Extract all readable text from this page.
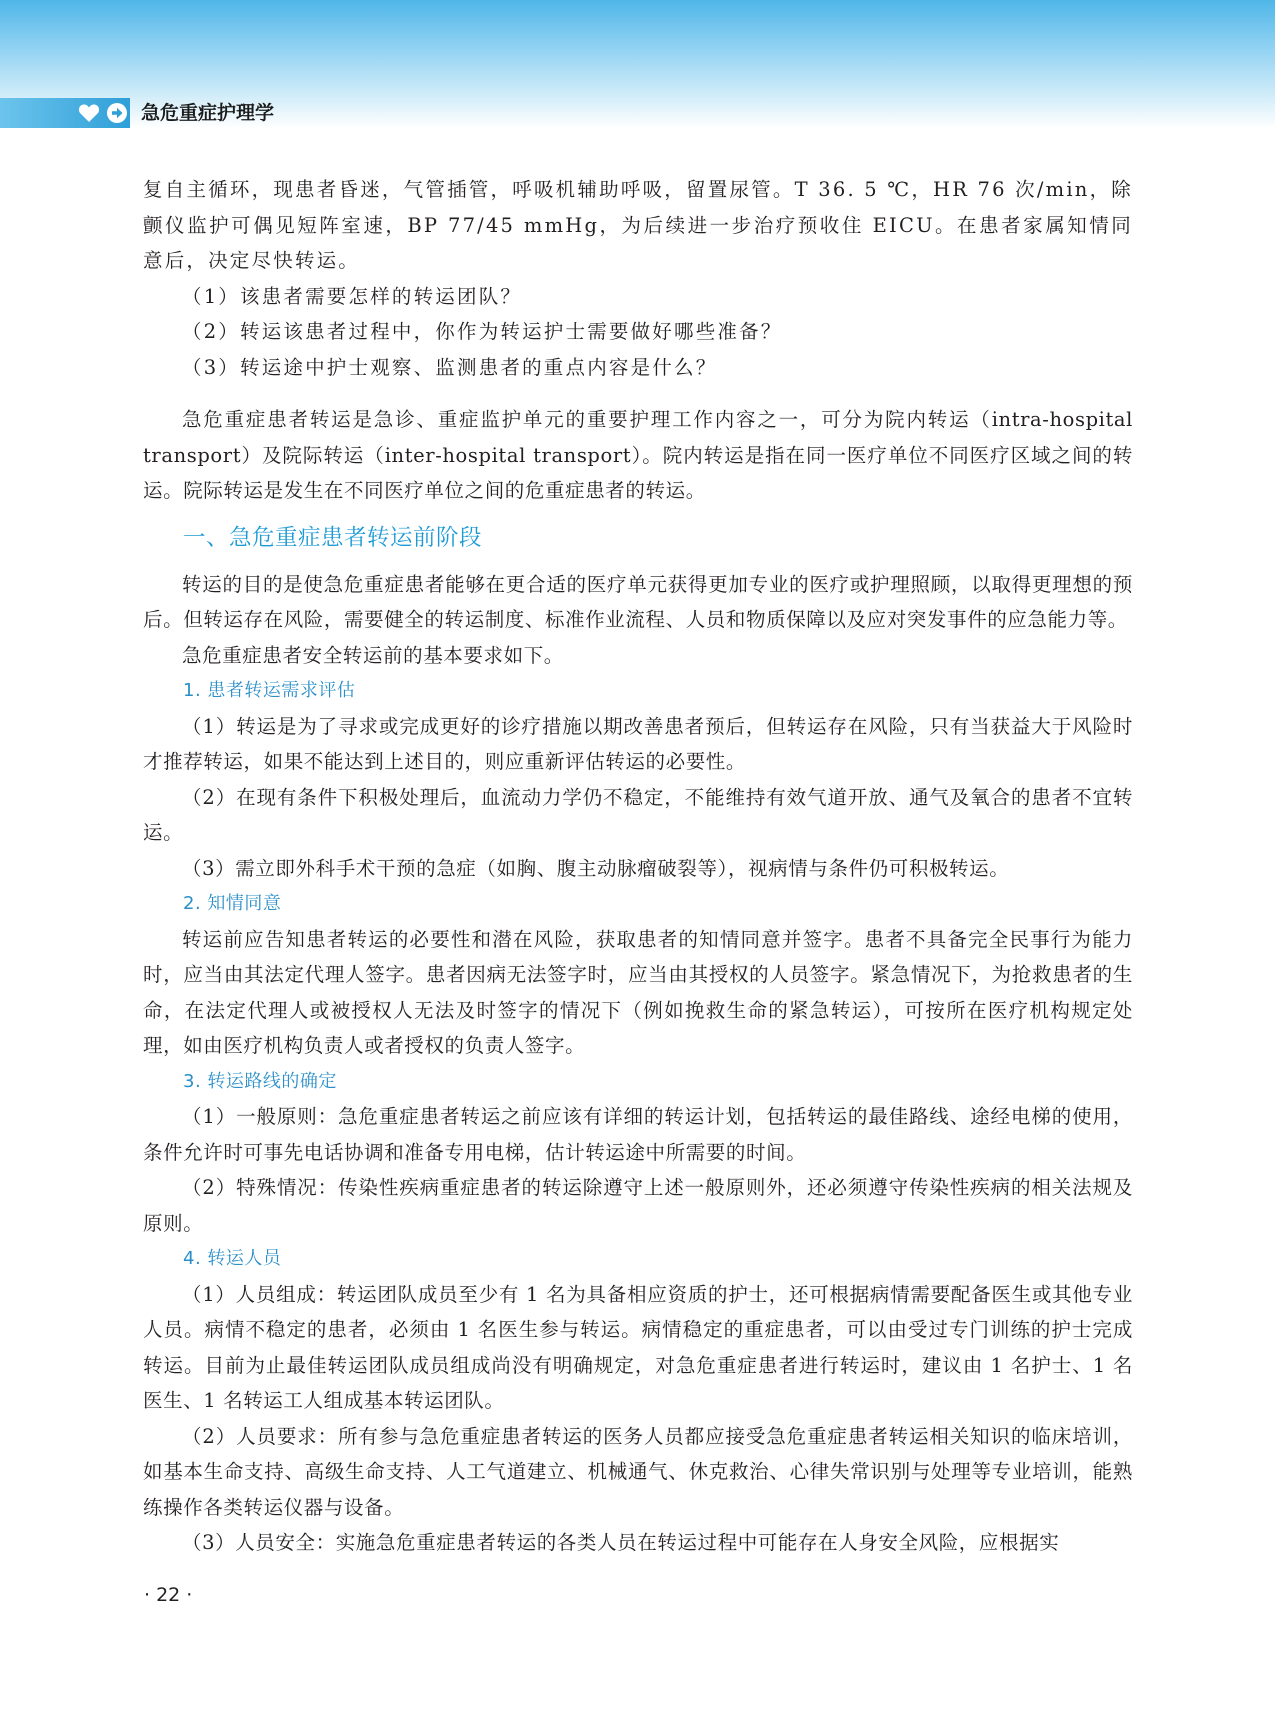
急危重症护理学

复自主循环，现患者昏迷，气管插管，呼吸机辅助呼吸，留置尿管。T 36. 5 ℃，HR 76 次/min，除颤仪监护可偶见短阵室速，BP 77/45 mmHg，为后续进一步治疗预收住 EICU。在患者家属知情同意后，决定尽快转运。

（1）该患者需要怎样的转运团队？

（2）转运该患者过程中，你作为转运护士需要做好哪些准备？

（3）转运途中护士观察、监测患者的重点内容是什么？

急危重症患者转运是急诊、重症监护单元的重要护理工作内容之一，可分为院内转运（intra-hospital transport）及院际转运（inter-hospital transport）。院内转运是指在同一医疗单位不同医疗区域之间的转运。院际转运是发生在不同医疗单位之间的危重症患者的转运。

一、急危重症患者转运前阶段

转运的目的是使急危重症患者能够在更合适的医疗单元获得更加专业的医疗或护理照顾，以取得更理想的预后。但转运存在风险，需要健全的转运制度、标准作业流程、人员和物质保障以及应对突发事件的应急能力等。

急危重症患者安全转运前的基本要求如下。

1. 患者转运需求评估

（1）转运是为了寻求或完成更好的诊疗措施以期改善患者预后，但转运存在风险，只有当获益大于风险时才推荐转运，如果不能达到上述目的，则应重新评估转运的必要性。

（2）在现有条件下积极处理后，血流动力学仍不稳定，不能维持有效气道开放、通气及氧合的患者不宜转运。

（3）需立即外科手术干预的急症（如胸、腹主动脉瘤破裂等），视病情与条件仍可积极转运。

2. 知情同意

转运前应告知患者转运的必要性和潜在风险，获取患者的知情同意并签字。患者不具备完全民事行为能力时，应当由其法定代理人签字。患者因病无法签字时，应当由其授权的人员签字。紧急情况下，为抢救患者的生命，在法定代理人或被授权人无法及时签字的情况下（例如挽救生命的紧急转运），可按所在医疗机构规定处理，如由医疗机构负责人或者授权的负责人签字。

3. 转运路线的确定

（1）一般原则：急危重症患者转运之前应该有详细的转运计划，包括转运的最佳路线、途经电梯的使用，条件允许时可事先电话协调和准备专用电梯，估计转运途中所需要的时间。

（2）特殊情况：传染性疾病重症患者的转运除遵守上述一般原则外，还必须遵守传染性疾病的相关法规及原则。

4. 转运人员

（1）人员组成：转运团队成员至少有 1 名为具备相应资质的护士，还可根据病情需要配备医生或其他专业人员。病情不稳定的患者，必须由 1 名医生参与转运。病情稳定的重症患者，可以由受过专门训练的护士完成转运。目前为止最佳转运团队成员组成尚没有明确规定，对急危重症患者进行转运时，建议由 1 名护士、1 名医生、1 名转运工人组成基本转运团队。

（2）人员要求：所有参与急危重症患者转运的医务人员都应接受急危重症患者转运相关知识的临床培训，如基本生命支持、高级生命支持、人工气道建立、机械通气、休克救治、心律失常识别与处理等专业培训，能熟练操作各类转运仪器与设备。

（3）人员安全：实施急危重症患者转运的各类人员在转运过程中可能存在人身安全风险，应根据实

· 22 ·
